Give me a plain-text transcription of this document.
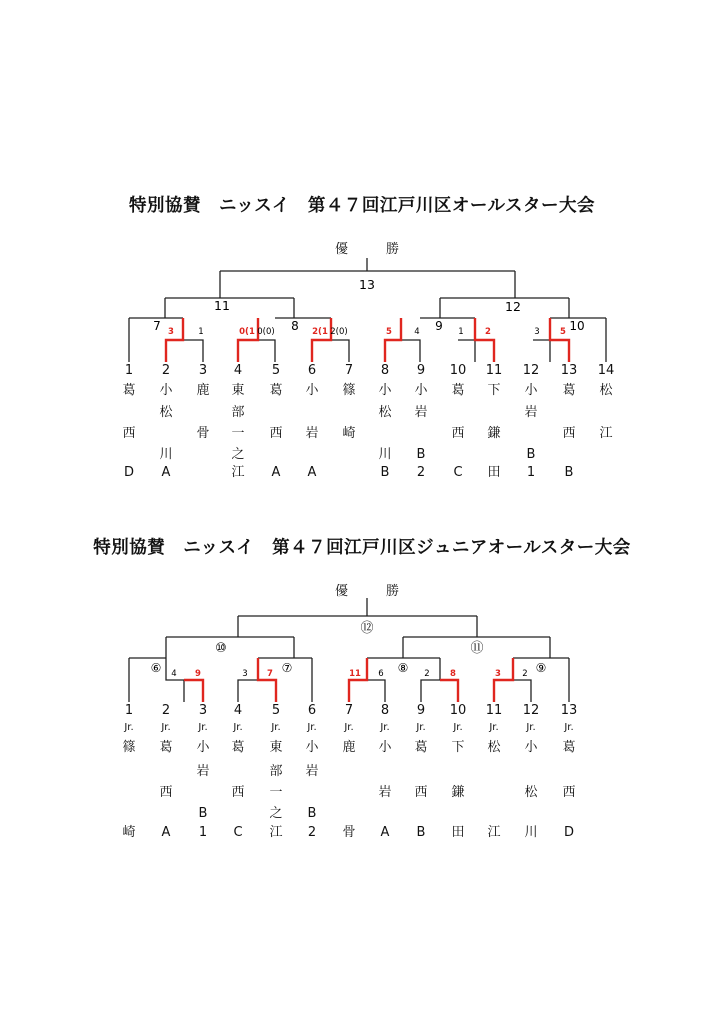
特別協賛　ニッスイ　第４７回江戸川区オールスター大会
優	勝
13
11	12
7	8	9	10
3	1	0(1 0(0)	2(1 2(0)	5	4	1	2	3 5
1
葛
西
D
2
小
松
川
A
3
鹿
骨
4
東
部
一
之
江
5
葛
西
A
6
小
岩
A
7
篠
崎
8
小
松
川
B
9
小
岩
B
2
10
葛
西
C
11
下
鎌
田
12
小
岩
B
1
13
葛
西
B
14
松
江
特別協賛　ニッスイ　第４７回江戸川区ジュニアオールスター大会
優	勝
⑫
⑩	⑪
⑥	⑦	⑧	⑨
4 9	3 7	11 6	2 8	3	2
1
Jr.
篠
崎
2
Jr.
葛
西
A
3
Jr.
小
岩
B
1
4
Jr.
葛
西
C
5
Jr.
東
部
一
之
江
6
Jr.
小
岩
B
2
7
Jr.
鹿
骨
8
Jr.
小
岩
A
9
Jr.
葛
西
B
10
Jr.
下
鎌
田
11
Jr.
松
江
12
Jr.
小
松
川
13
Jr.
葛
西
D
